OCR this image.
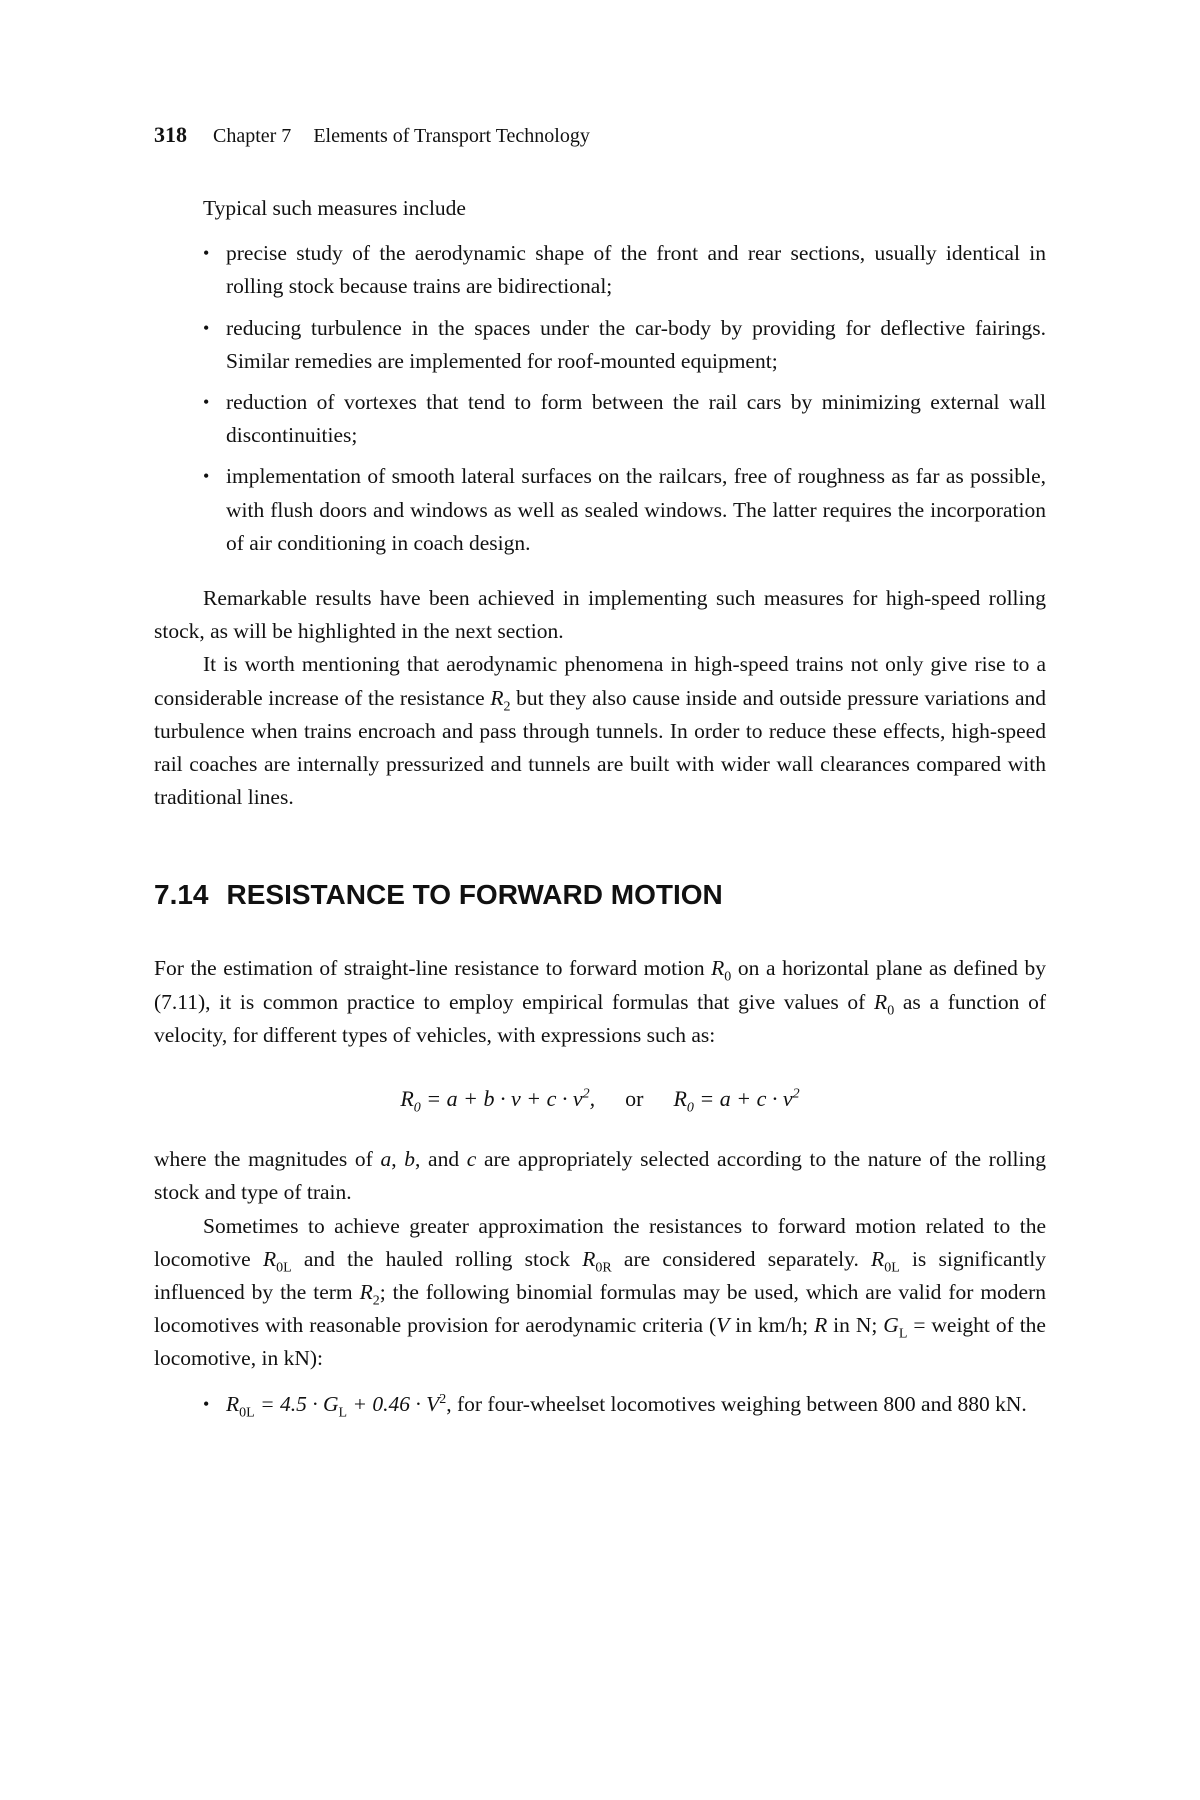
318 Chapter 7 Elements of Transport Technology
Typical such measures include
• precise study of the aerodynamic shape of the front and rear sections, usually identical in rolling stock because trains are bidirectional;
• reducing turbulence in the spaces under the car-body by providing for deflective fairings. Similar remedies are implemented for roof-mounted equipment;
• reduction of vortexes that tend to form between the rail cars by minimizing external wall discontinuities;
• implementation of smooth lateral surfaces on the railcars, free of roughness as far as possible, with flush doors and windows as well as sealed windows. The latter requires the incorporation of air conditioning in coach design.

Remarkable results have been achieved in implementing such measures for high-speed rolling stock, as will be highlighted in the next section.

It is worth mentioning that aerodynamic phenomena in high-speed trains not only give rise to a considerable increase of the resistance $R_2$ but they also cause inside and outside pressure variations and turbulence when trains encroach and pass through tunnels. In order to reduce these effects, high-speed rail coaches are internally pressurized and tunnels are built with wider wall clearances compared with traditional lines.

7.14 RESISTANCE TO FORWARD MOTION

For the estimation of straight-line resistance to forward motion $R_0$ on a horizontal plane as defined by (7.11), it is common practice to employ empirical formulas that give values of $R_0$ as a function of velocity, for different types of vehicles, with expressions such as:

$R_0 = a + b \cdot v + c \cdot v^2$, or $R_0 = a + c \cdot v^2$

where the magnitudes of a, b, and c are appropriately selected according to the nature of the rolling stock and type of train.

Sometimes to achieve greater approximation the resistances to forward motion related to the locomotive $R_{0L}$ and the hauled rolling stock $R_{0R}$ are considered separately. $R_{0L}$ is significantly influenced by the term $R_2$; the following binomial formulas may be used, which are valid for modern locomotives with reasonable provision for aerodynamic criteria (V in km/h; R in N; $G_L$ = weight of the locomotive, in kN):

• $R_{0L} = 4.5 \cdot G_L + 0.46 \cdot V^2$, for four-wheelset locomotives weighing between 800 and 880 kN.
